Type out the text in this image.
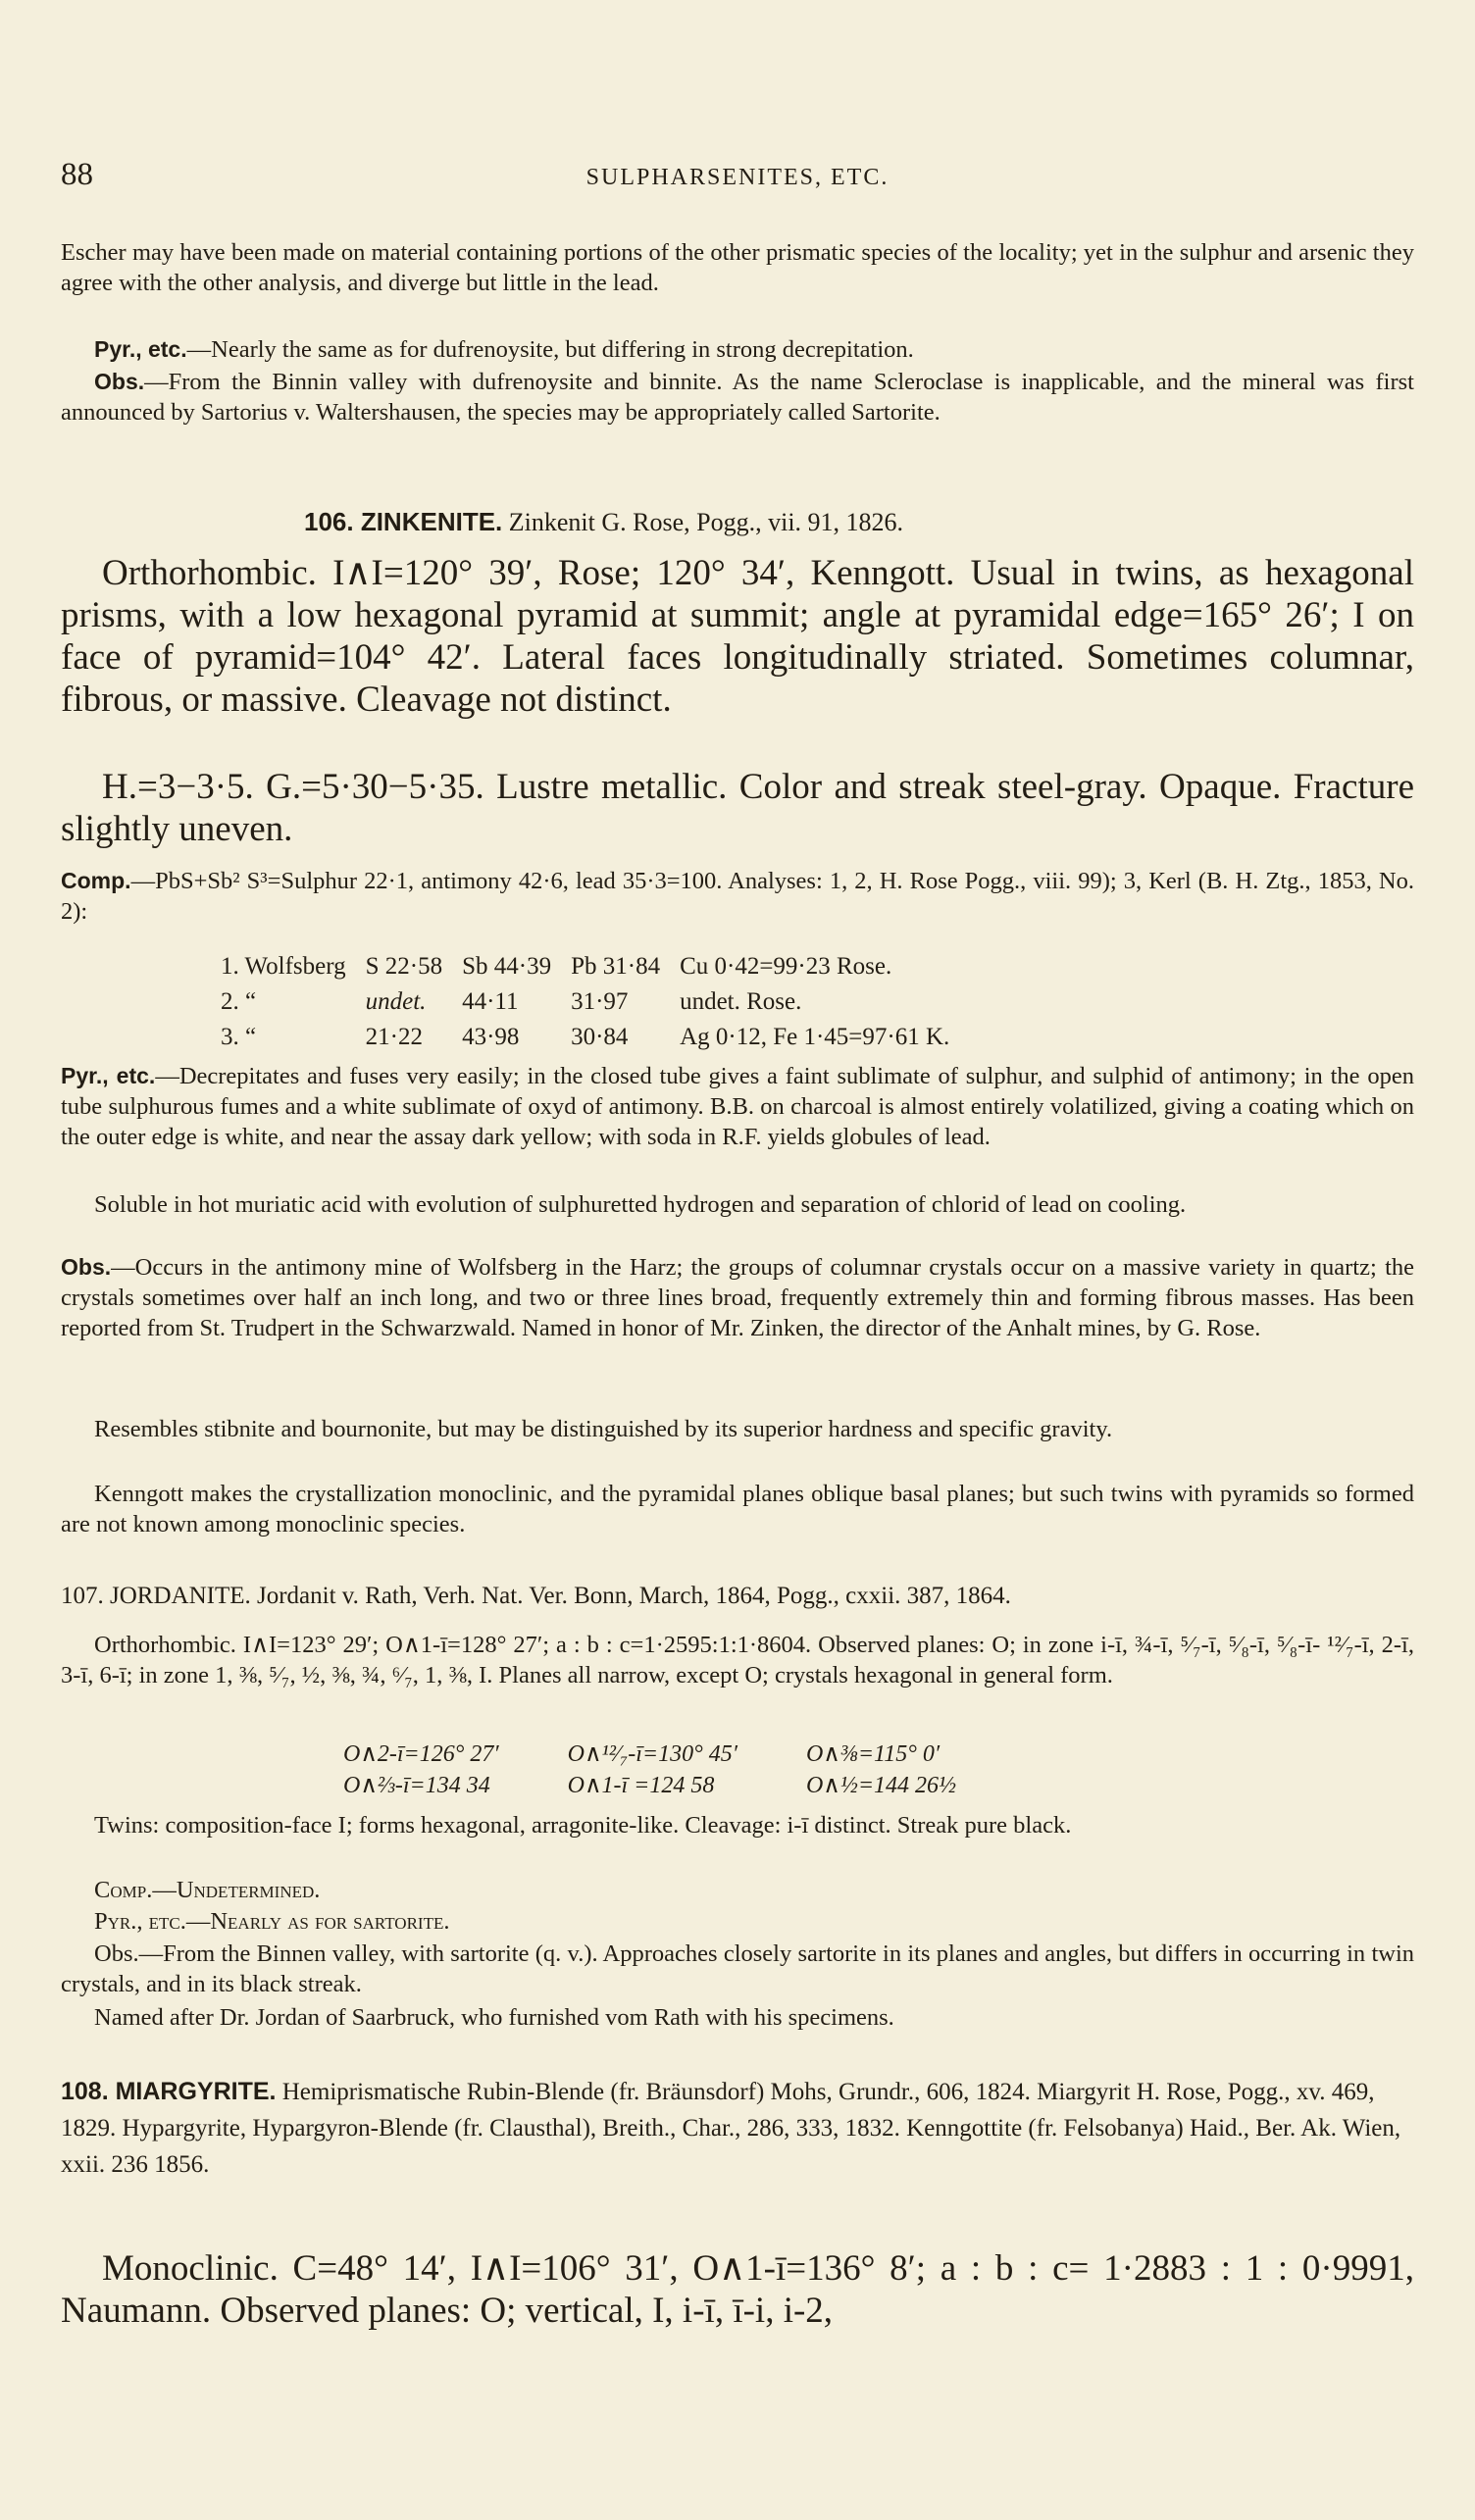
88	SULPHARSENITES, ETC.
Escher may have been made on material containing portions of the other prismatic species of the locality; yet in the sulphur and arsenic they agree with the other analysis, and diverge but little in the lead.
Pyr., etc.—Nearly the same as for dufrenoysite, but differing in strong decrepitation.
Obs.—From the Binnin valley with dufrenoysite and binnite. As the name Scleroclase is inapplicable, and the mineral was first announced by Sartorius v. Waltershausen, the species may be appropriately called Sartorite.
106. ZINKENITE. Zinkenit G. Rose, Pogg., vii. 91, 1826.
Orthorhombic. I∧I=120° 39′, Rose; 120° 34′, Kenngott. Usual in twins, as hexagonal prisms, with a low hexagonal pyramid at summit; angle at pyramidal edge=165° 26′; I on face of pyramid=104° 42′. Lateral faces longitudinally striated. Sometimes columnar, fibrous, or massive. Cleavage not distinct.
H.=3−3·5. G.=5·30−5·35. Lustre metallic. Color and streak steel-gray. Opaque. Fracture slightly uneven.
Comp.—PbS+Sb² S³=Sulphur 22·1, antimony 42·6, lead 35·3=100. Analyses: 1, 2, H. Rose Pogg., viii. 99); 3, Kerl (B. H. Ztg., 1853, No. 2):
1. Wolfsberg	S 22·58	Sb 44·39	Pb 31·84	Cu 0·42=99·23 Rose.
2. “	undet.	44·11	31·97	undet. Rose.
3. “	21·22	43·98	30·84	Ag 0·12, Fe 1·45=97·61 K.
Pyr., etc.—Decrepitates and fuses very easily; in the closed tube gives a faint sublimate of sulphur, and sulphid of antimony; in the open tube sulphurous fumes and a white sublimate of oxyd of antimony. B.B. on charcoal is almost entirely volatilized, giving a coating which on the outer edge is white, and near the assay dark yellow; with soda in R.F. yields globules of lead.
Soluble in hot muriatic acid with evolution of sulphuretted hydrogen and separation of chlorid of lead on cooling.
Obs.—Occurs in the antimony mine of Wolfsberg in the Harz; the groups of columnar crystals occur on a massive variety in quartz; the crystals sometimes over half an inch long, and two or three lines broad, frequently extremely thin and forming fibrous masses. Has been reported from St. Trudpert in the Schwarzwald. Named in honor of Mr. Zinken, the director of the Anhalt mines, by G. Rose.
Resembles stibnite and bournonite, but may be distinguished by its superior hardness and specific gravity.
Kenngott makes the crystallization monoclinic, and the pyramidal planes oblique basal planes; but such twins with pyramids so formed are not known among monoclinic species.
107. JORDANITE. Jordanit v. Rath, Verh. Nat. Ver. Bonn, March, 1864, Pogg., cxxii. 387, 1864.
Orthorhombic. I∧I=123° 29′; O∧1-ī=128° 27′; a : b : c=1·2595:1:1·8604. Observed planes: O; in zone i-ī, ¾-ī, ⁵⁄₇-ī, ⁵⁄₈-ī, ⁵⁄₈-ī- ¹²⁄₇-ī, 2-ī, 3-ī, 6-ī; in zone 1, ⅜, ⁵⁄₇, ½, ⅜, ¾, ⁶⁄₇, 1, ⅜, I. Planes all narrow, except O; crystals hexagonal in general form.
O∧2-ī=126° 27′	O∧¹²⁄₇-ī=130° 45′	O∧⅜=115° 0′
O∧⅔-ī=134 34	O∧1-ī =124 58	O∧½=144 26½
Twins: composition-face I; forms hexagonal, arragonite-like. Cleavage: i-ī distinct. Streak pure black.
Comp.—Undetermined.
Pyr., etc.—Nearly as for sartorite.
Obs.—From the Binnen valley, with sartorite (q. v.). Approaches closely sartorite in its planes and angles, but differs in occurring in twin crystals, and in its black streak.
Named after Dr. Jordan of Saarbruck, who furnished vom Rath with his specimens.
108. MIARGYRITE. Hemiprismatische Rubin-Blende (fr. Bräunsdorf) Mohs, Grundr., 606, 1824. Miargyrit H. Rose, Pogg., xv. 469, 1829. Hypargyrite, Hypargyron-Blende (fr. Clausthal), Breith., Char., 286, 333, 1832. Kenngottite (fr. Felsobanya) Haid., Ber. Ak. Wien, xxii. 236 1856.
Monoclinic. C=48° 14′, I∧I=106° 31′, O∧1-ī=136° 8′; a : b : c= 1·2883 : 1 : 0·9991, Naumann. Observed planes: O; vertical, I, i-ī, ī-i, i-2,
